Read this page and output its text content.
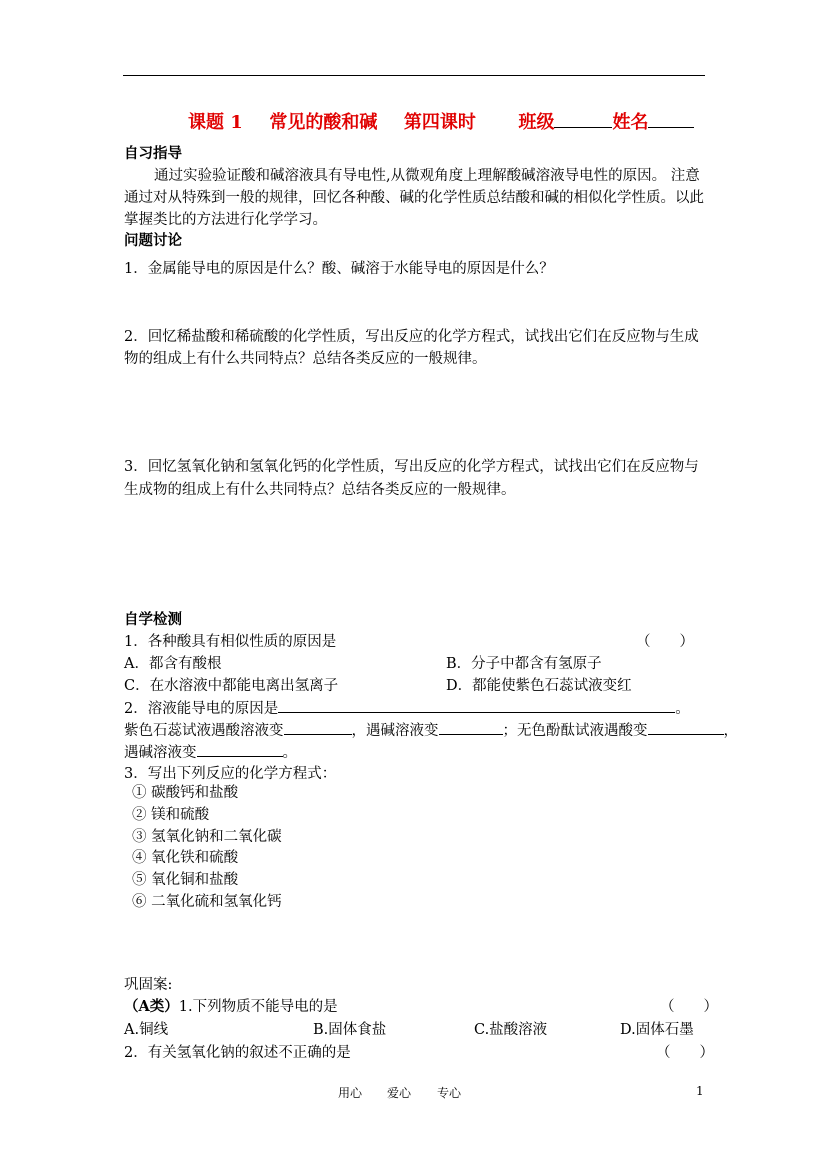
课题 1 常见的酸和碱 第四课时 班级	姓名
自习指导
通过实验验证酸和碱溶液具有导电性,从微观角度上理解酸碱溶液导电性的原因。 注意
通过对从特殊到一般的规律，回忆各种酸、碱的化学性质总结酸和碱的相似化学性质。以此
掌握类比的方法进行化学学习。
问题讨论
1．金属能导电的原因是什么？酸、碱溶于水能导电的原因是什么？
2．回忆稀盐酸和稀硫酸的化学性质，写出反应的化学方程式，试找出它们在反应物与生成
物的组成上有什么共同特点？总结各类反应的一般规律。
3．回忆氢氧化钠和氢氧化钙的化学性质，写出反应的化学方程式，试找出它们在反应物与
生成物的组成上有什么共同特点？总结各类反应的一般规律。
自学检测
1．各种酸具有相似性质的原因是	（　　）
A．都含有酸根	B．分子中都含有氢原子
C．在水溶液中都能电离出氢离子	D．都能使紫色石蕊试液变红
2．溶液能导电的原因是	。
紫色石蕊试液遇酸溶液变	，遇碱溶液变	；无色酚酞试液遇酸变	，
遇碱溶液变	。
3．写出下列反应的化学方程式：
① 碳酸钙和盐酸
② 镁和硫酸
③ 氢氧化钠和二氧化碳
④ 氧化铁和硫酸
⑤ 氧化铜和盐酸
⑥ 二氧化硫和氢氧化钙
巩固案:
（A类）1.下列物质不能导电的是	（　　）
A.铜线	B.固体食盐	C.盐酸溶液	D.固体石墨
2．有关氢氧化钠的叙述不正确的是	（　　）
用心 爱心 专心	1
